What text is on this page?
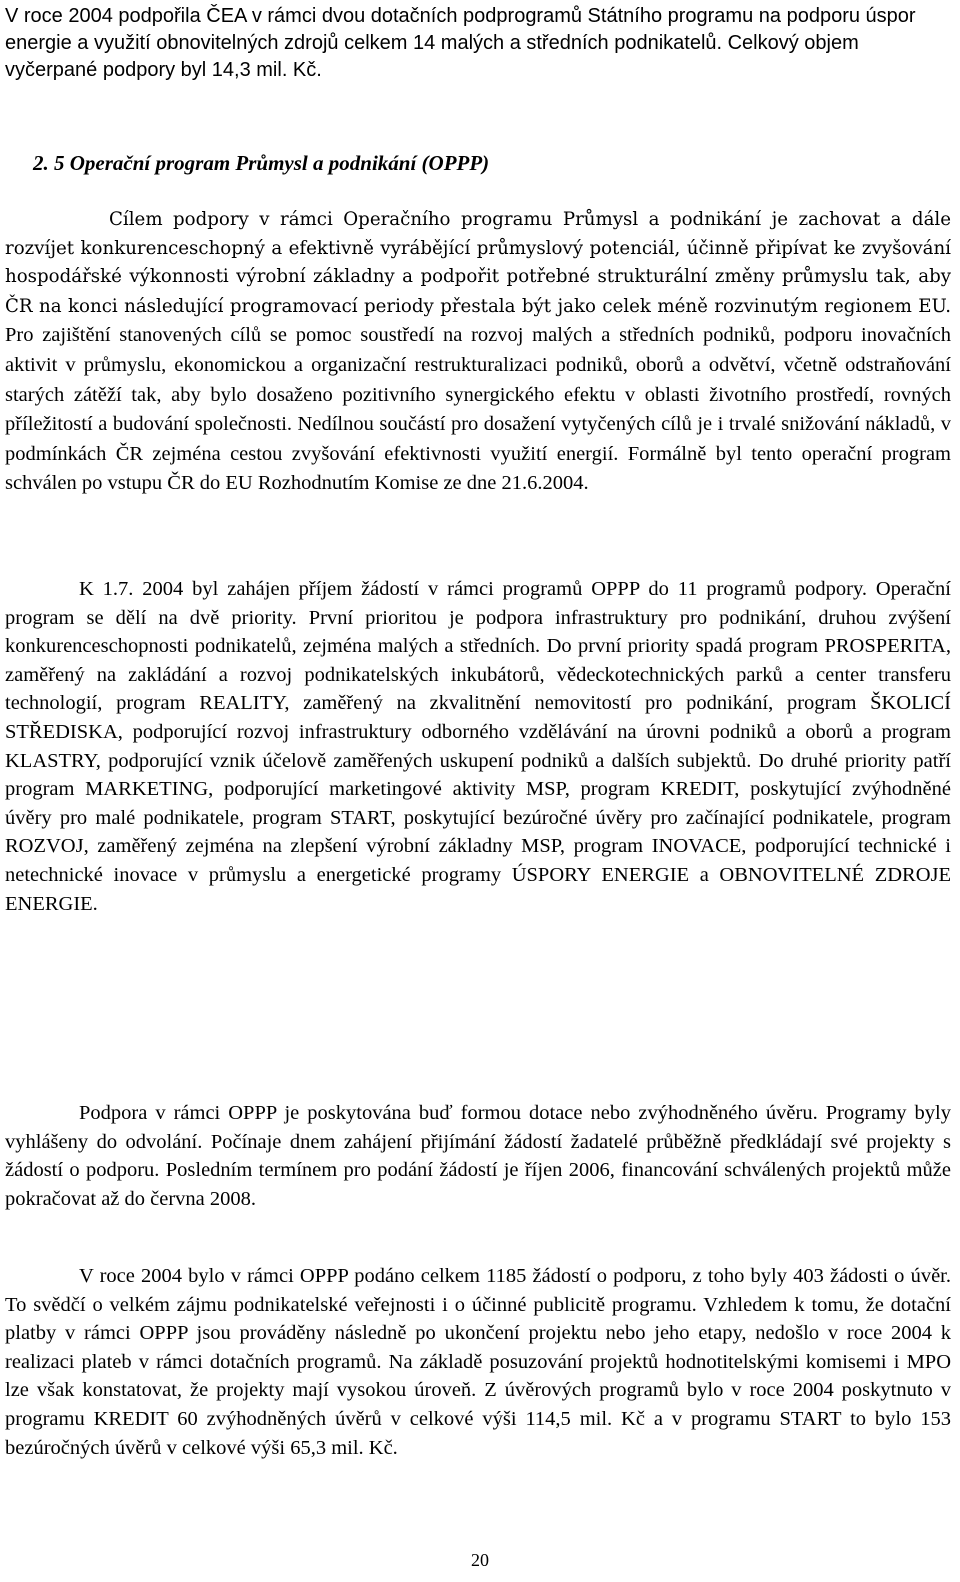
V roce 2004 podpořila ČEA v rámci dvou dotačních podprogramů Státního programu na podporu úspor energie a využití obnovitelných zdrojů celkem 14 malých a středních podnikatelů. Celkový objem vyčerpané podpory byl 14,3 mil. Kč.

2. 5 Operační program Průmysl a podnikání (OPPP)

Cílem podpory v rámci Operačního programu Průmysl a podnikání je zachovat a dále rozvíjet konkurenceschopný a efektivně vyrábějící průmyslový potenciál, účinně připívat ke zvyšování hospodářské výkonnosti výrobní základny a podpořit potřebné strukturální změny průmyslu tak, aby ČR na konci následující programovací periody přestala být jako celek méně rozvinutým regionem EU. Pro zajištění stanovených cílů se pomoc soustředí na rozvoj malých a středních podniků, podporu inovačních aktivit v průmyslu, ekonomickou a organizační restrukturalizaci podniků, oborů a odvětví, včetně odstraňování starých zátěží tak, aby bylo dosaženo pozitivního synergického efektu v oblasti životního prostředí, rovných příležitostí a budování společnosti. Nedílnou součástí pro dosažení vytyčených cílů je i trvalé snižování nákladů, v podmínkách ČR zejména cestou zvyšování efektivnosti využití energií. Formálně byl tento operační program schválen po vstupu ČR do EU Rozhodnutím Komise ze dne 21.6.2004.

K 1.7. 2004 byl zahájen příjem žádostí v rámci programů OPPP do 11 programů podpory. Operační program se dělí na dvě priority. První prioritou je podpora infrastruktury pro podnikání, druhou zvýšení konkurenceschopnosti podnikatelů, zejména malých a středních. Do první priority spadá program PROSPERITA, zaměřený na zakládání a rozvoj podnikatelských inkubátorů, vědeckotechnických parků a center transferu technologií, program REALITY, zaměřený na zkvalitnění nemovitostí pro podnikání, program ŠKOLICÍ STŘEDISKA, podporující rozvoj infrastruktury odborného vzdělávání na úrovni podniků a oborů a program KLASTRY, podporující vznik účelově zaměřených uskupení podniků a dalších subjektů. Do druhé priority patří program MARKETING, podporující marketingové aktivity MSP, program KREDIT, poskytující zvýhodněné úvěry pro malé podnikatele, program START, poskytující bezúročné úvěry pro začínající podnikatele, program ROZVOJ, zaměřený zejména na zlepšení výrobní základny MSP, program INOVACE, podporující technické i netechnické inovace v průmyslu a energetické programy ÚSPORY ENERGIE a OBNOVITELNÉ ZDROJE ENERGIE.

Podpora v rámci OPPP je poskytována buď formou dotace nebo zvýhodněného úvěru. Programy byly vyhlášeny do odvolání. Počínaje dnem zahájení přijímání žádostí žadatelé průběžně předkládají své projekty s žádostí o podporu. Posledním termínem pro podání žádostí je říjen 2006, financování schválených projektů může pokračovat až do června 2008.

V roce 2004 bylo v rámci OPPP podáno celkem 1185 žádostí o podporu, z toho byly 403 žádosti o úvěr. To svědčí o velkém zájmu podnikatelské veřejnosti i o účinné publicitě programu. Vzhledem k tomu, že dotační platby v rámci OPPP jsou prováděny následně po ukončení projektu nebo jeho etapy, nedošlo v roce 2004 k realizaci plateb v rámci dotačních programů. Na základě posuzování projektů hodnotitelskými komisemi i MPO lze však konstatovat, že projekty mají vysokou úroveň. Z úvěrových programů bylo v roce 2004 poskytnuto v programu KREDIT 60 zvýhodněných úvěrů v celkové výši 114,5 mil. Kč a v programu START to bylo 153 bezúročných úvěrů v celkové výši 65,3 mil. Kč.

20
